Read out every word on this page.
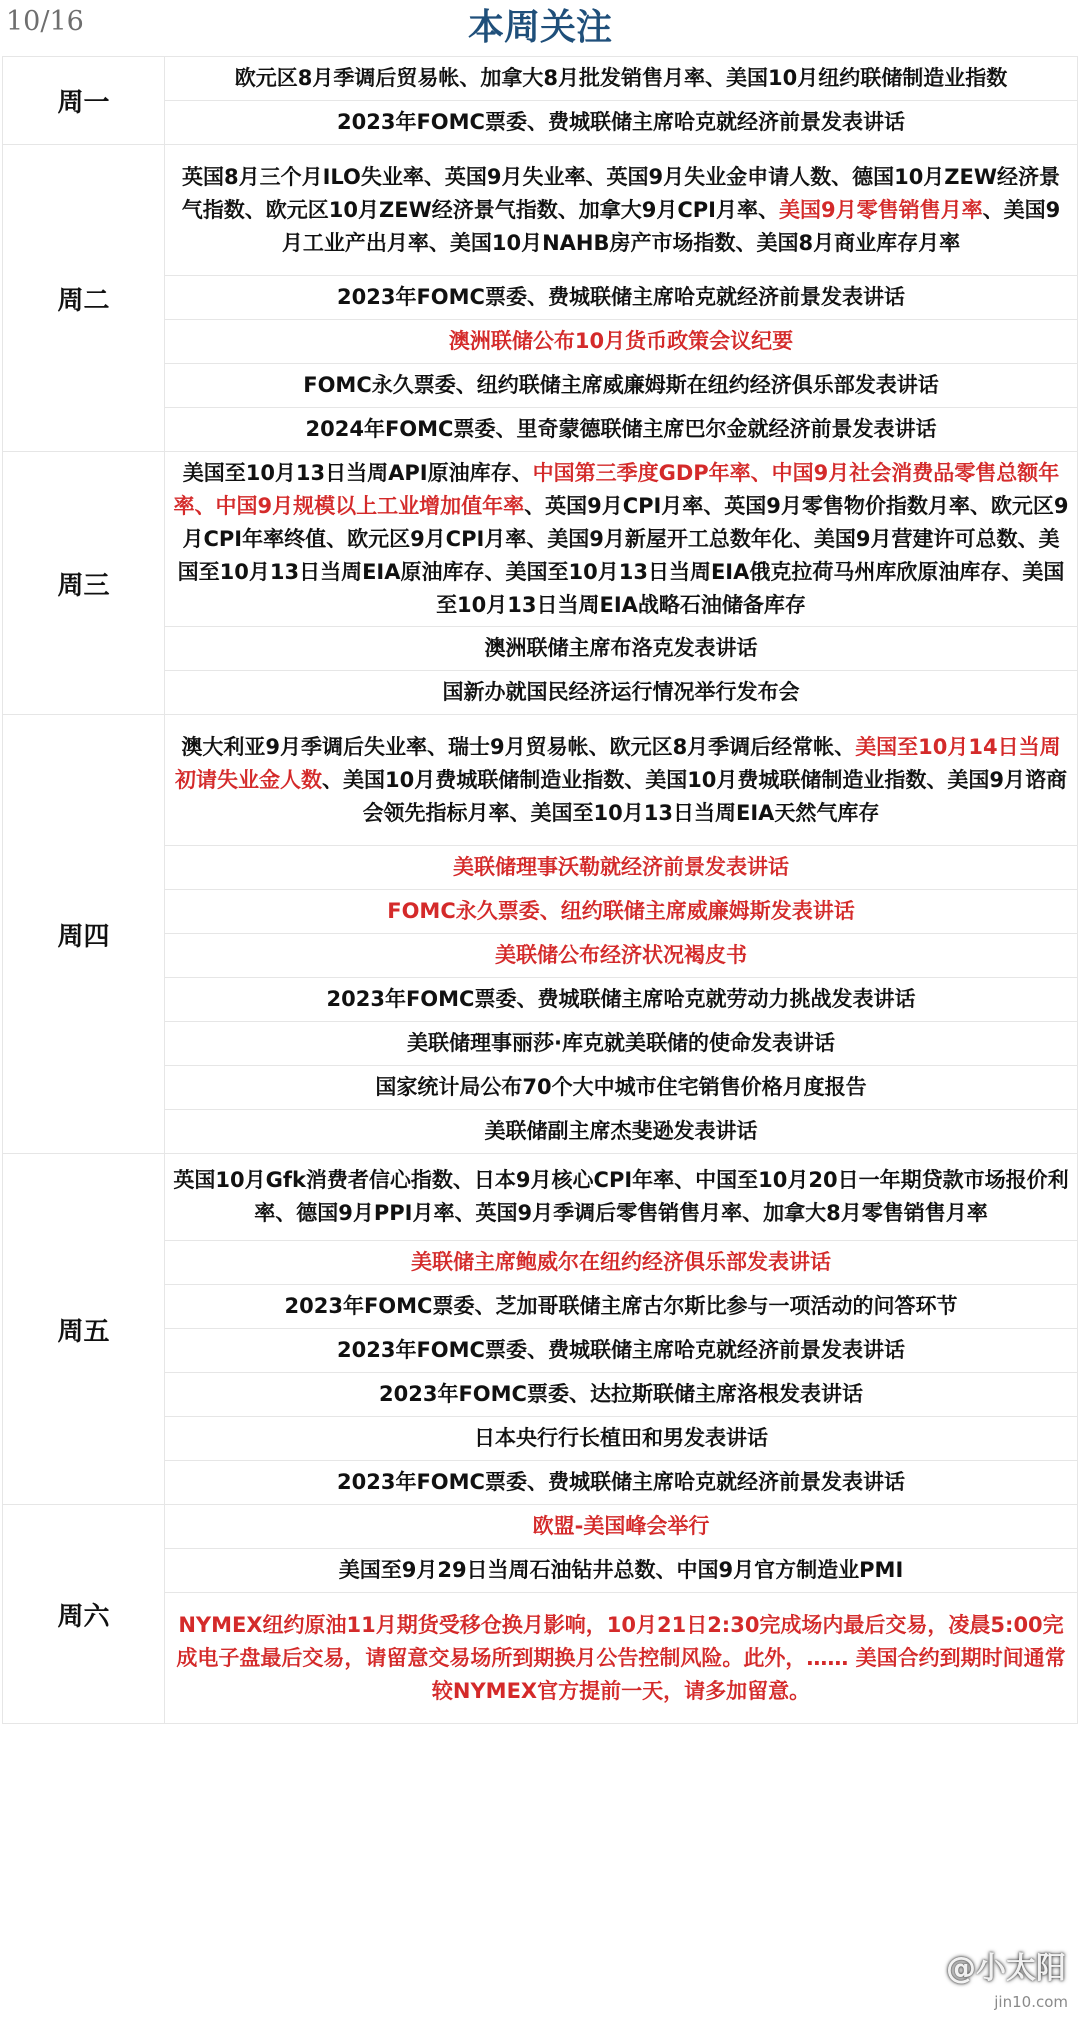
10/16	本周关注
周一	欧元区8月季调后贸易帐、加拿大8月批发销售月率、美国10月纽约联储制造业指数
	2023年FOMC票委、费城联储主席哈克就经济前景发表讲话
周二	英国8月三个月ILO失业率、英国9月失业率、英国9月失业金申请人数、德国10月ZEW经济景气指数、欧元区10月ZEW经济景气指数、加拿大9月CPI月率、美国9月零售销售月率、美国9月工业产出月率、美国10月NAHB房产市场指数、美国8月商业库存月率
	2023年FOMC票委、费城联储主席哈克就经济前景发表讲话
	澳洲联储公布10月货币政策会议纪要
	FOMC永久票委、纽约联储主席威廉姆斯在纽约经济俱乐部发表讲话
	2024年FOMC票委、里奇蒙德联储主席巴尔金就经济前景发表讲话
周三	美国至10月13日当周API原油库存、中国第三季度GDP年率、中国9月社会消费品零售总额年率、中国9月规模以上工业增加值年率、英国9月CPI月率、英国9月零售物价指数月率、欧元区9月CPI年率终值、欧元区9月CPI月率、美国9月新屋开工总数年化、美国9月营建许可总数、美国至10月13日当周EIA原油库存、美国至10月13日当周EIA俄克拉荷马州库欣原油库存、美国至10月13日当周EIA战略石油储备库存
	澳洲联储主席布洛克发表讲话
	国新办就国民经济运行情况举行发布会
周四	澳大利亚9月季调后失业率、瑞士9月贸易帐、欧元区8月季调后经常帐、美国至10月14日当周初请失业金人数、美国10月费城联储制造业指数、美国10月费城联储制造业指数、美国9月谘商会领先指标月率、美国至10月13日当周EIA天然气库存
	美联储理事沃勒就经济前景发表讲话
	FOMC永久票委、纽约联储主席威廉姆斯发表讲话
	美联储公布经济状况褐皮书
	2023年FOMC票委、费城联储主席哈克就劳动力挑战发表讲话
	美联储理事丽莎·库克就美联储的使命发表讲话
	国家统计局公布70个大中城市住宅销售价格月度报告
	美联储副主席杰斐逊发表讲话
周五	英国10月Gfk消费者信心指数、日本9月核心CPI年率、中国至10月20日一年期贷款市场报价利率、德国9月PPI月率、英国9月季调后零售销售月率、加拿大8月零售销售月率
	美联储主席鲍威尔在纽约经济俱乐部发表讲话
	2023年FOMC票委、芝加哥联储主席古尔斯比参与一项活动的问答环节
	2023年FOMC票委、费城联储主席哈克就经济前景发表讲话
	2023年FOMC票委、达拉斯联储主席洛根发表讲话
	日本央行行长植田和男发表讲话
	2023年FOMC票委、费城联储主席哈克就经济前景发表讲话
周六	欧盟-美国峰会举行
	美国至9月29日当周石油钻井总数、中国9月官方制造业PMI
	NYMEX纽约原油11月期货受移仓换月影响，10月21日2:30完成场内最后交易，凌晨5:00完成电子盘最后交易，请留意交易场所到期换月公告控制风险。此外，…… 美国合约到期时间通常较NYMEX官方提前一天，请多加留意。
@小太阳
jin10.com
